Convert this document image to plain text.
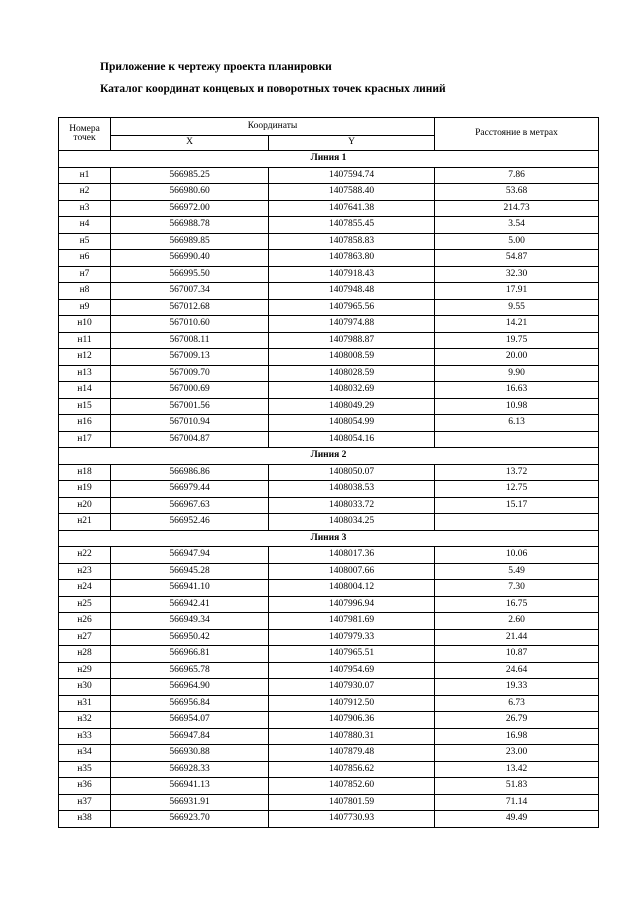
Приложение к чертежу проекта планировки
Каталог координат концевых и поворотных точек красных линий
Номера точек	Координаты		Расстояние в метрах
	X	Y	
Линия 1			
н1	566985.25	1407594.74	7.86
н2	566980.60	1407588.40	53.68
н3	566972.00	1407641.38	214.73
н4	566988.78	1407855.45	3.54
н5	566989.85	1407858.83	5.00
н6	566990.40	1407863.80	54.87
н7	566995.50	1407918.43	32.30
н8	567007.34	1407948.48	17.91
н9	567012.68	1407965.56	9.55
н10	567010.60	1407974.88	14.21
н11	567008.11	1407988.87	19.75
н12	567009.13	1408008.59	20.00
н13	567009.70	1408028.59	9.90
н14	567000.69	1408032.69	16.63
н15	567001.56	1408049.29	10.98
н16	567010.94	1408054.99	6.13
н17	567004.87	1408054.16	
Линия 2			
н18	566986.86	1408050.07	13.72
н19	566979.44	1408038.53	12.75
н20	566967.63	1408033.72	15.17
н21	566952.46	1408034.25	
Линия 3			
н22	566947.94	1408017.36	10.06
н23	566945.28	1408007.66	5.49
н24	566941.10	1408004.12	7.30
н25	566942.41	1407996.94	16.75
н26	566949.34	1407981.69	2.60
н27	566950.42	1407979.33	21.44
н28	566966.81	1407965.51	10.87
н29	566965.78	1407954.69	24.64
н30	566964.90	1407930.07	19.33
н31	566956.84	1407912.50	6.73
н32	566954.07	1407906.36	26.79
н33	566947.84	1407880.31	16.98
н34	566930.88	1407879.48	23.00
н35	566928.33	1407856.62	13.42
н36	566941.13	1407852.60	51.83
н37	566931.91	1407801.59	71.14
н38	566923.70	1407730.93	49.49
